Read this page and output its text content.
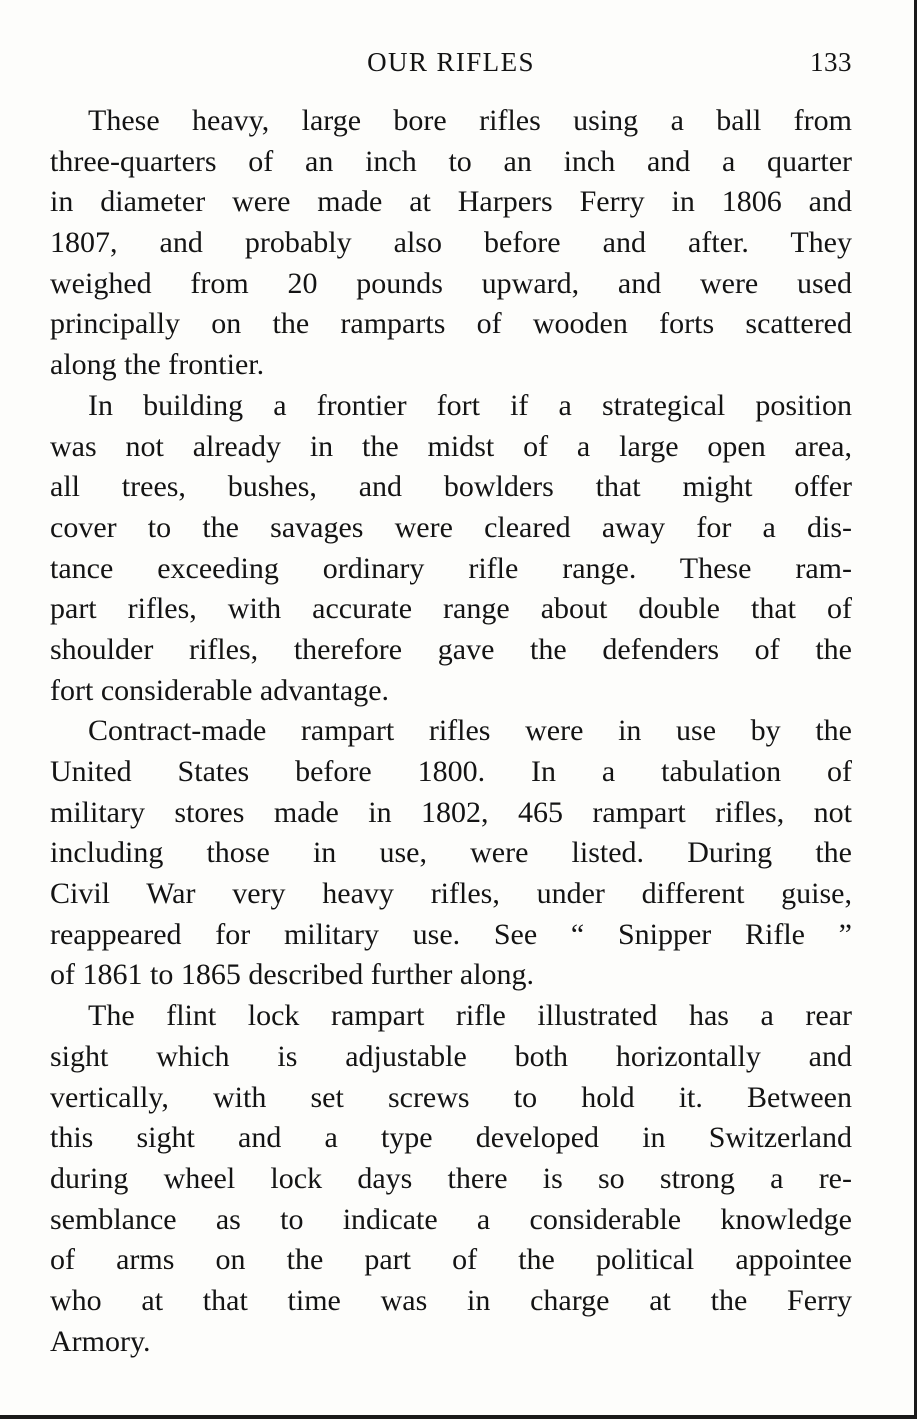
OUR RIFLES	133
These heavy, large bore rifles using a ball from
three-quarters of an inch to an inch and a quarter
in diameter were made at Harpers Ferry in 1806 and
1807, and probably also before and after. They
weighed from 20 pounds upward, and were used
principally on the ramparts of wooden forts scattered
along the frontier.
In building a frontier fort if a strategical position
was not already in the midst of a large open area,
all trees, bushes, and bowlders that might offer
cover to the savages were cleared away for a dis-
tance exceeding ordinary rifle range. These ram-
part rifles, with accurate range about double that of
shoulder rifles, therefore gave the defenders of the
fort considerable advantage.
Contract-made rampart rifles were in use by the
United States before 1800. In a tabulation of
military stores made in 1802, 465 rampart rifles, not
including those in use, were listed. During the
Civil War very heavy rifles, under different guise,
reappeared for military use. See “ Snipper Rifle ”
of 1861 to 1865 described further along.
The flint lock rampart rifle illustrated has a rear
sight which is adjustable both horizontally and
vertically, with set screws to hold it. Between
this sight and a type developed in Switzerland
during wheel lock days there is so strong a re-
semblance as to indicate a considerable knowledge
of arms on the part of the political appointee
who at that time was in charge at the Ferry
Armory.
